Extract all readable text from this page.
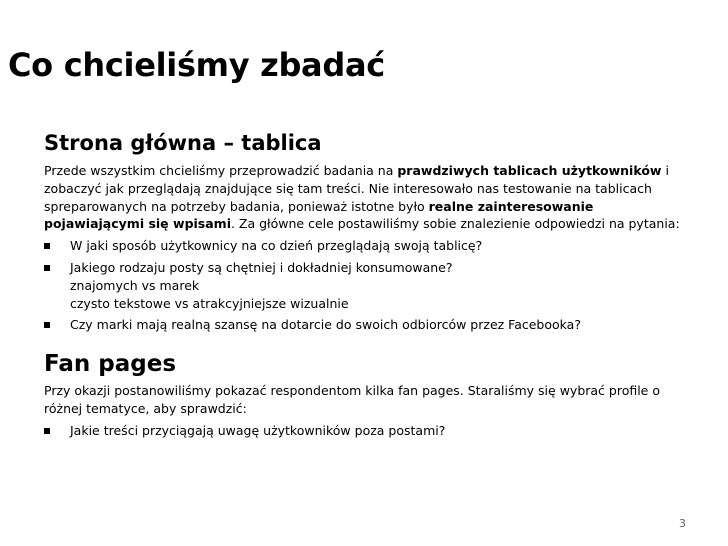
Co chcieliśmy zbadać
Strona główna – tablica

Przede wszystkim chcieliśmy przeprowadzić badania na prawdziwych tablicach użytkowników i zobaczyć jak przeglądają znajdujące się tam treści. Nie interesowało nas testowanie na tablicach spreparowanych na potrzeby badania, ponieważ istotne było realne zainteresowanie pojawiającymi się wpisami. Za główne cele postawiliśmy sobie znalezienie odpowiedzi na pytania:

W jaki sposób użytkownicy na co dzień przeglądają swoją tablicę?
Jakiego rodzaju posty są chętniej i dokładniej konsumowane?
znajomych vs marek
czysto tekstowe vs atrakcyjniejsze wizualnie
Czy marki mają realną szansę na dotarcie do swoich odbiorców przez Facebooka?
Fan pages

Przy okazji postanowiliśmy pokazać respondentom kilka fan pages. Staraliśmy się wybrać profile o różnej tematyce, aby sprawdzić:

Jakie treści przyciągają uwagę użytkowników poza postami?
3
